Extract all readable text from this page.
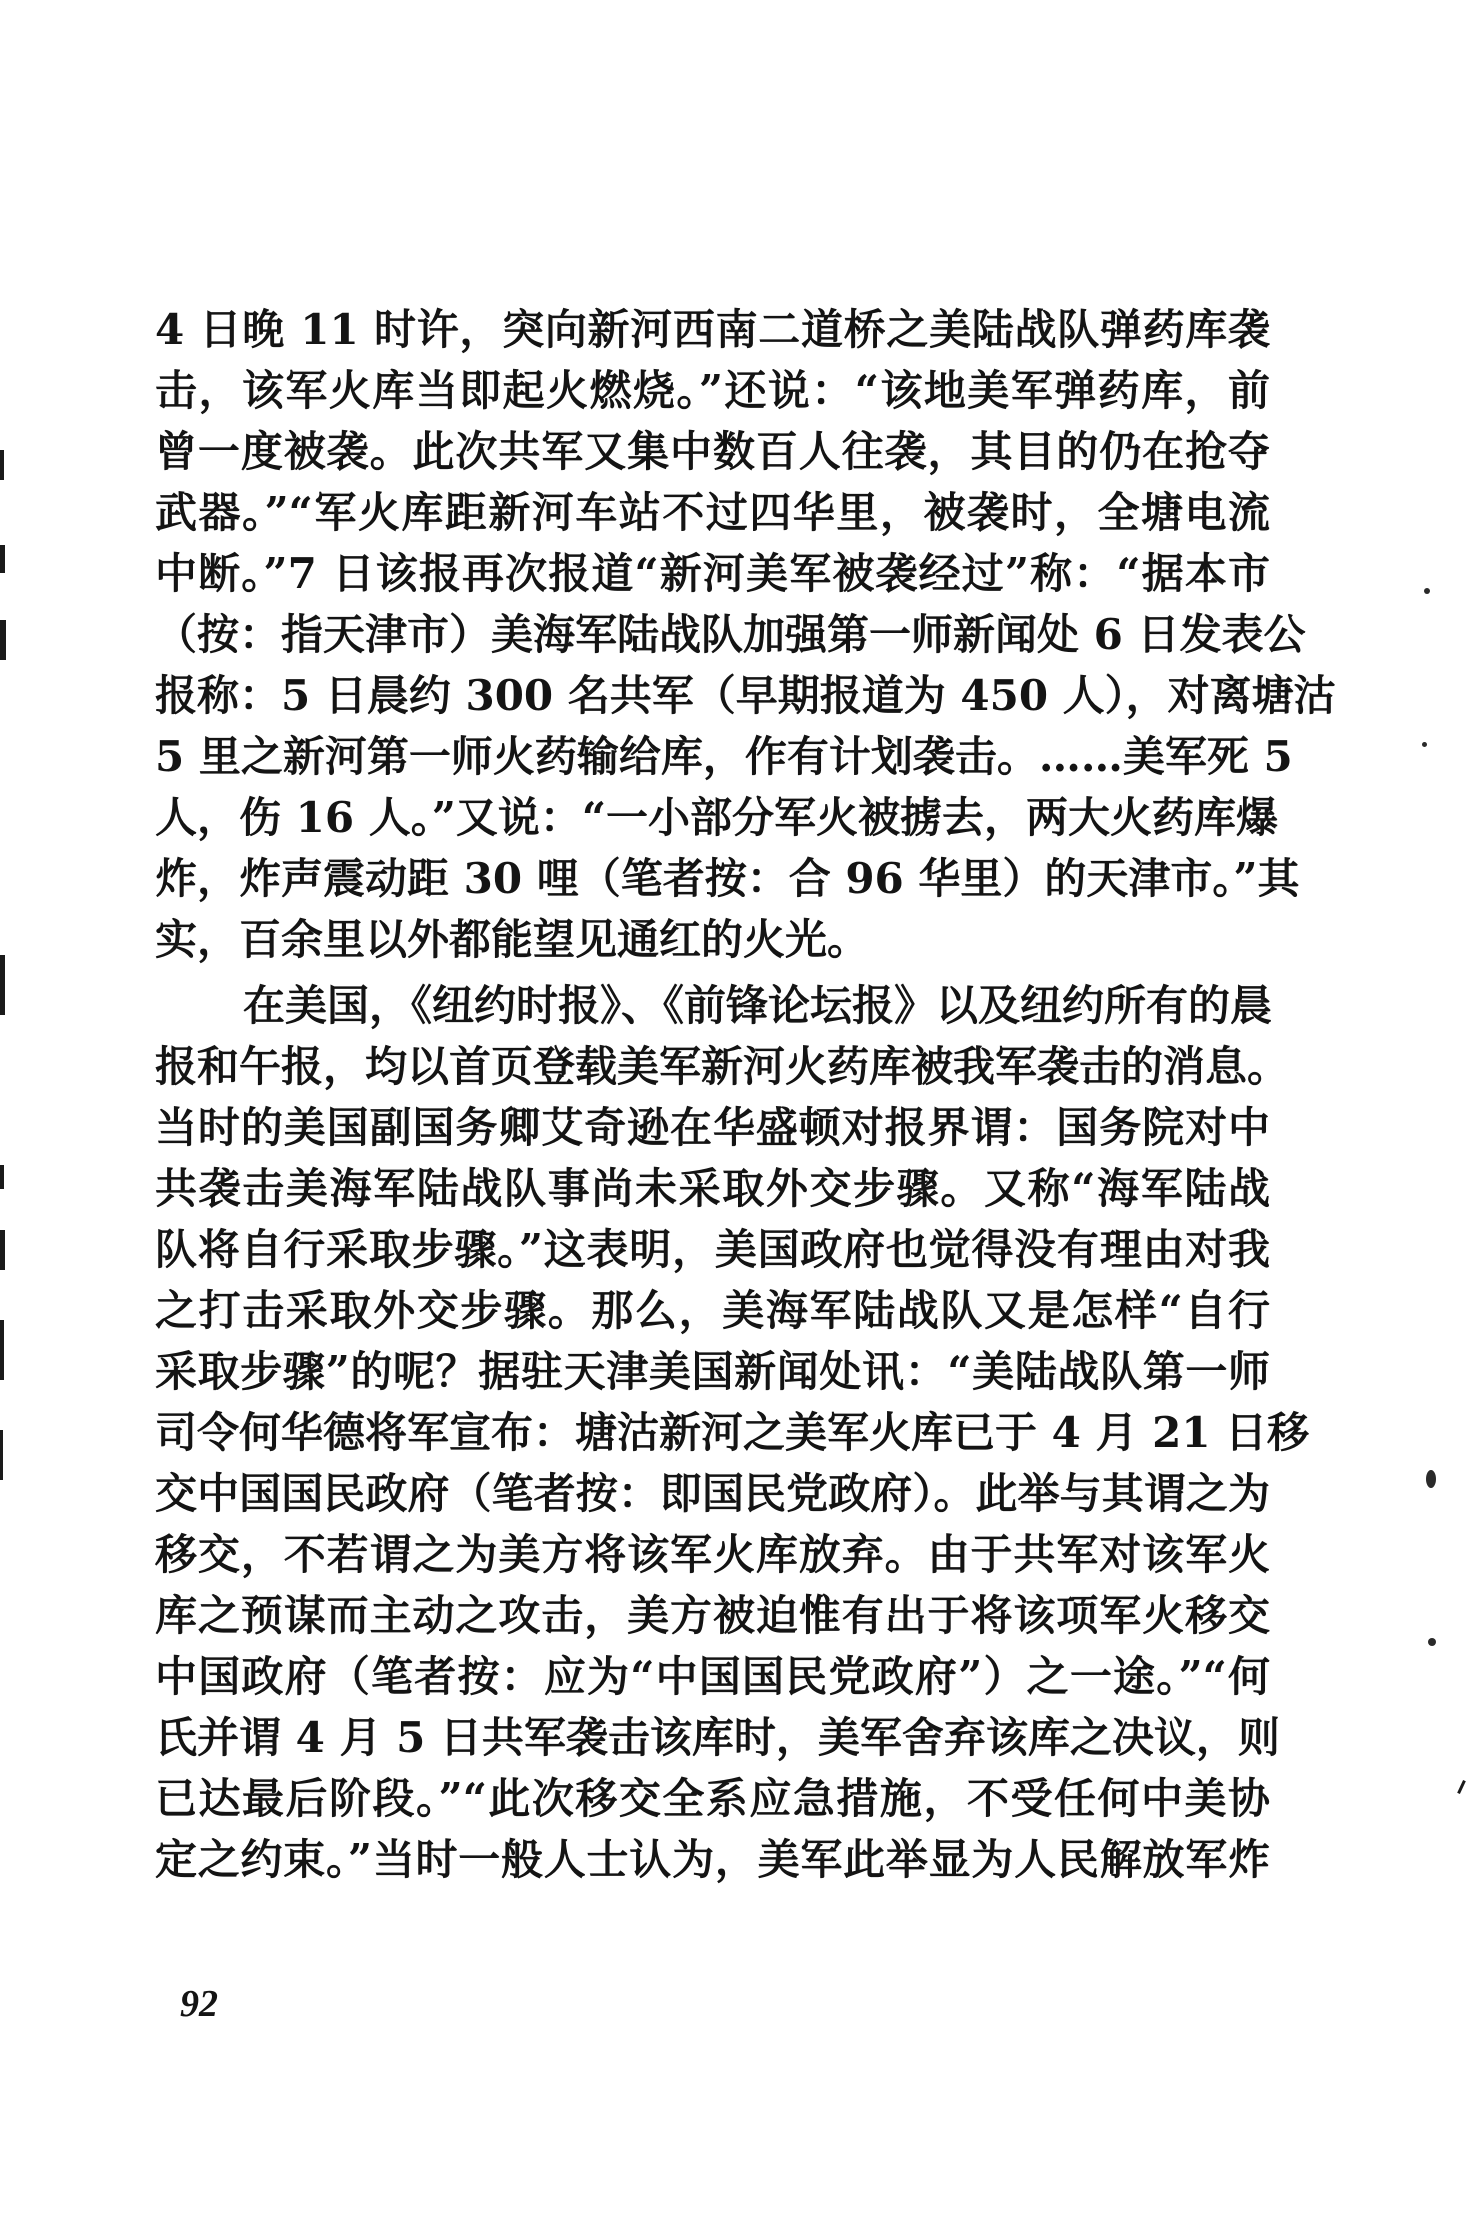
4 日晚 11 时许，突向新河西南二道桥之美陆战队弹药库袭
击，该军火库当即起火燃烧。”还说：“该地美军弹药库，前
曾一度被袭。此次共军又集中数百人往袭，其目的仍在抢夺
武器。”“军火库距新河车站不过四华里，被袭时，全塘电流
中断。”7 日该报再次报道“新河美军被袭经过”称：“据本市
（按：指天津市）美海军陆战队加强第一师新闻处 6 日发表公
报称：5 日晨约 300 名共军（早期报道为 450 人），对离塘沽
5 里之新河第一师火药输给库，作有计划袭击。……美军死 5
人，伤 16 人。”又说：“一小部分军火被掳去，两大火药库爆
炸，炸声震动距 30 哩（笔者按：合 96 华里）的天津市。”其
实，百余里以外都能望见通红的火光。
在美国，《纽约时报》、《前锋论坛报》以及纽约所有的晨
报和午报，均以首页登载美军新河火药库被我军袭击的消息。
当时的美国副国务卿艾奇逊在华盛顿对报界谓：国务院对中
共袭击美海军陆战队事尚未采取外交步骤。又称“海军陆战
队将自行采取步骤。”这表明，美国政府也觉得没有理由对我
之打击采取外交步骤。那么，美海军陆战队又是怎样“自行
采取步骤”的呢？据驻天津美国新闻处讯：“美陆战队第一师
司令何华德将军宣布：塘沽新河之美军火库已于 4 月 21 日移
交中国国民政府（笔者按：即国民党政府）。此举与其谓之为
移交，不若谓之为美方将该军火库放弃。由于共军对该军火
库之预谋而主动之攻击，美方被迫惟有出于将该项军火移交
中国政府（笔者按：应为“中国国民党政府”）之一途。”“何
氏并谓 4 月 5 日共军袭击该库时，美军舍弃该库之决议，则
已达最后阶段。”“此次移交全系应急措施，不受任何中美协
定之约束。”当时一般人士认为，美军此举显为人民解放军炸
92
